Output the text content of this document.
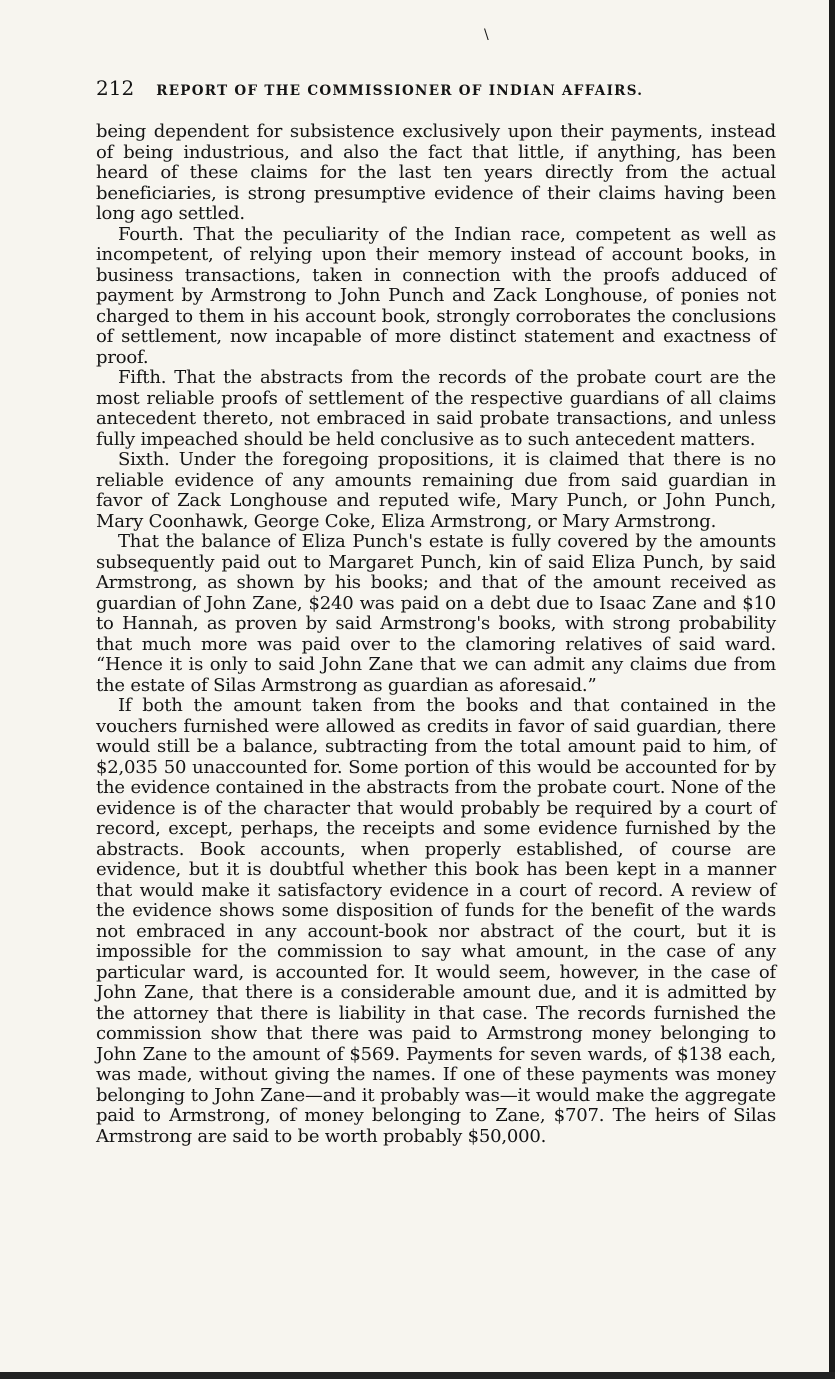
\
212 REPORT OF THE COMMISSIONER OF INDIAN AFFAIRS.

being dependent for subsistence exclusively upon their payments, instead of being industrious, and also the fact that little, if anything, has been heard of these claims for the last ten years directly from the actual beneficiaries, is strong presumptive evidence of their claims having been long ago settled.

Fourth. That the peculiarity of the Indian race, competent as well as incompetent, of relying upon their memory instead of account books, in business transactions, taken in connection with the proofs adduced of payment by Armstrong to John Punch and Zack Longhouse, of ponies not charged to them in his account book, strongly corroborates the conclusions of settlement, now incapable of more distinct statement and exactness of proof.

Fifth. That the abstracts from the records of the probate court are the most reliable proofs of settlement of the respective guardians of all claims antecedent thereto, not embraced in said probate transactions, and unless fully impeached should be held conclusive as to such antecedent matters.

Sixth. Under the foregoing propositions, it is claimed that there is no reliable evidence of any amounts remaining due from said guardian in favor of Zack Longhouse and reputed wife, Mary Punch, or John Punch, Mary Coonhawk, George Coke, Eliza Armstrong, or Mary Armstrong.

That the balance of Eliza Punch's estate is fully covered by the amounts subsequently paid out to Margaret Punch, kin of said Eliza Punch, by said Armstrong, as shown by his books; and that of the amount received as guardian of John Zane, $240 was paid on a debt due to Isaac Zane and $10 to Hannah, as proven by said Armstrong's books, with strong probability that much more was paid over to the clamoring relatives of said ward. “Hence it is only to said John Zane that we can admit any claims due from the estate of Silas Armstrong as guardian as aforesaid.”

If both the amount taken from the books and that contained in the vouchers furnished were allowed as credits in favor of said guardian, there would still be a balance, subtracting from the total amount paid to him, of $2,035 50 unaccounted for. Some portion of this would be accounted for by the evidence contained in the abstracts from the probate court. None of the evidence is of the character that would probably be required by a court of record, except, perhaps, the receipts and some evidence furnished by the abstracts. Book accounts, when properly established, of course are evidence, but it is doubtful whether this book has been kept in a manner that would make it satisfactory evidence in a court of record. A review of the evidence shows some disposition of funds for the benefit of the wards not embraced in any account-book nor abstract of the court, but it is impossible for the commission to say what amount, in the case of any particular ward, is accounted for. It would seem, however, in the case of John Zane, that there is a considerable amount due, and it is admitted by the attorney that there is liability in that case. The records furnished the commission show that there was paid to Armstrong money belonging to John Zane to the amount of $569. Payments for seven wards, of $138 each, was made, without giving the names. If one of these payments was money belonging to John Zane—and it probably was—it would make the aggregate paid to Armstrong, of money belonging to Zane, $707. The heirs of Silas Armstrong are said to be worth probably $50,000.
